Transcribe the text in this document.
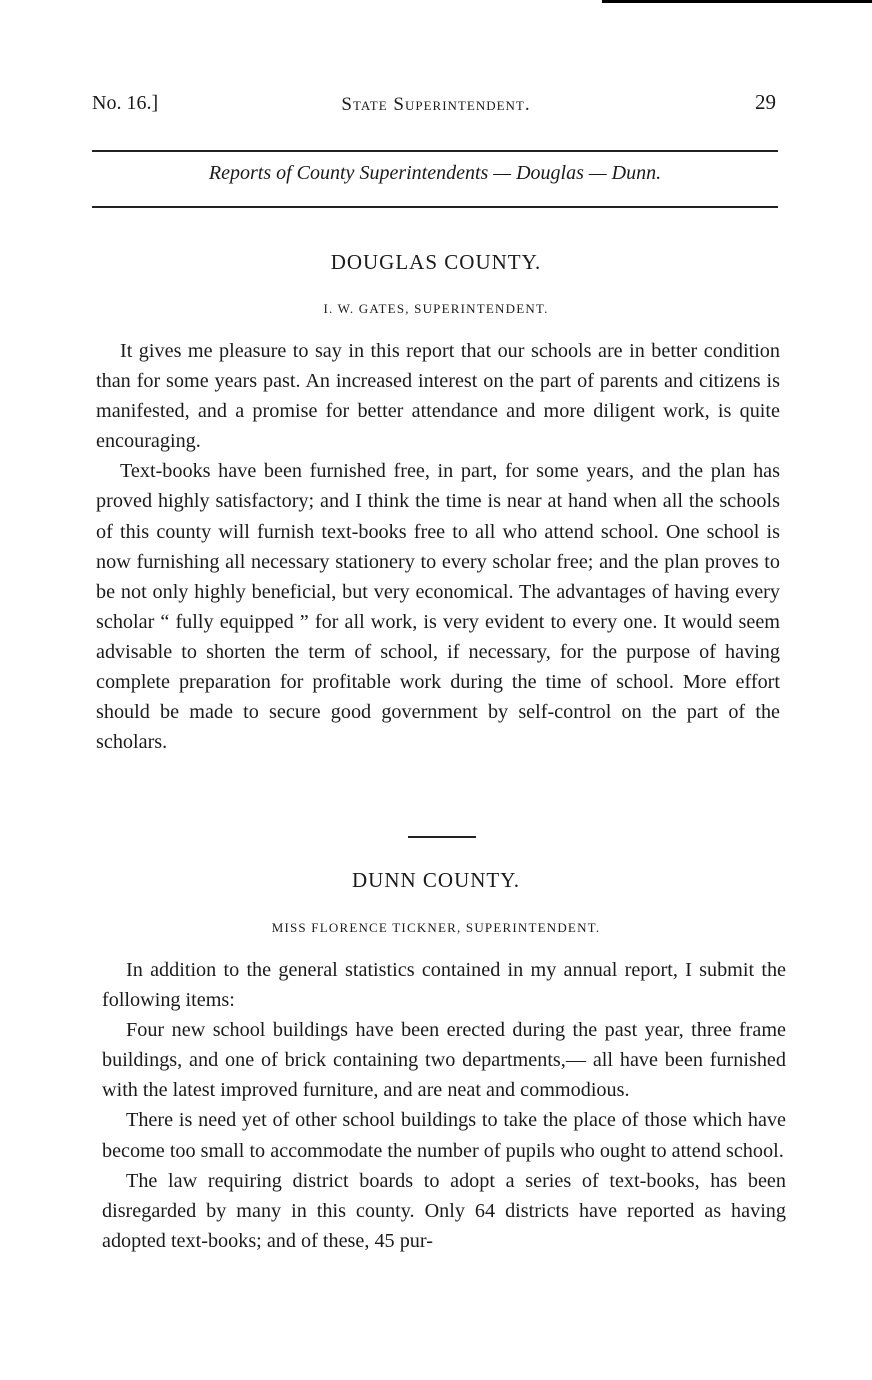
No. 16.]	State Superintendent.	29
Reports of County Superintendents — Douglas — Dunn.
DOUGLAS COUNTY.
I. W. GATES, SUPERINTENDENT.

It gives me pleasure to say in this report that our schools are in better condition than for some years past. An increased interest on the part of parents and citizens is manifested, and a promise for better attendance and more diligent work, is quite encouraging.

Text-books have been furnished free, in part, for some years, and the plan has proved highly satisfactory; and I think the time is near at hand when all the schools of this county will furnish text-books free to all who attend school. One school is now furnishing all necessary stationery to every scholar free; and the plan proves to be not only highly beneficial, but very economical. The advantages of having every scholar “ fully equipped ” for all work, is very evident to every one. It would seem advisable to shorten the term of school, if necessary, for the purpose of having complete preparation for profitable work during the time of school. More effort should be made to secure good government by self-control on the part of the scholars.

DUNN COUNTY.
MISS FLORENCE TICKNER, SUPERINTENDENT.

In addition to the general statistics contained in my annual report, I submit the following items:

Four new school buildings have been erected during the past year, three frame buildings, and one of brick containing two departments,— all have been furnished with the latest improved furniture, and are neat and commodious.

There is need yet of other school buildings to take the place of those which have become too small to accommodate the number of pupils who ought to attend school.

The law requiring district boards to adopt a series of text-books, has been disregarded by many in this county. Only 64 districts have reported as having adopted text-books; and of these, 45 pur-
